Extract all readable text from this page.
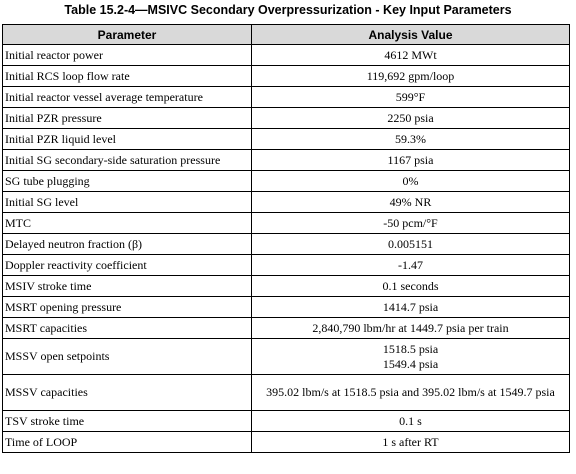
Table 15.2-4—MSIVC Secondary Overpressurization - Key Input Parameters
Parameter	Analysis Value
Initial reactor power	4612 MWt
Initial RCS loop flow rate	119,692 gpm/loop
Initial reactor vessel average temperature	599°F
Initial PZR pressure	2250 psia
Initial PZR liquid level	59.3%
Initial SG secondary-side saturation pressure	1167 psia
SG tube plugging	0%
Initial SG level	49% NR
MTC	-50 pcm/°F
Delayed neutron fraction (β)	0.005151
Doppler reactivity coefficient	-1.47
MSIV stroke time	0.1 seconds
MSRT opening pressure	1414.7 psia
MSRT capacities	2,840,790 lbm/hr at 1449.7 psia per train
MSSV open setpoints	1518.5 psia
1549.4 psia

MSSV capacities	395.02 lbm/s at 1518.5 psia and 395.02 lbm/s at 1549.7 psia
TSV stroke time	0.1 s
Time of LOOP	1 s after RT
